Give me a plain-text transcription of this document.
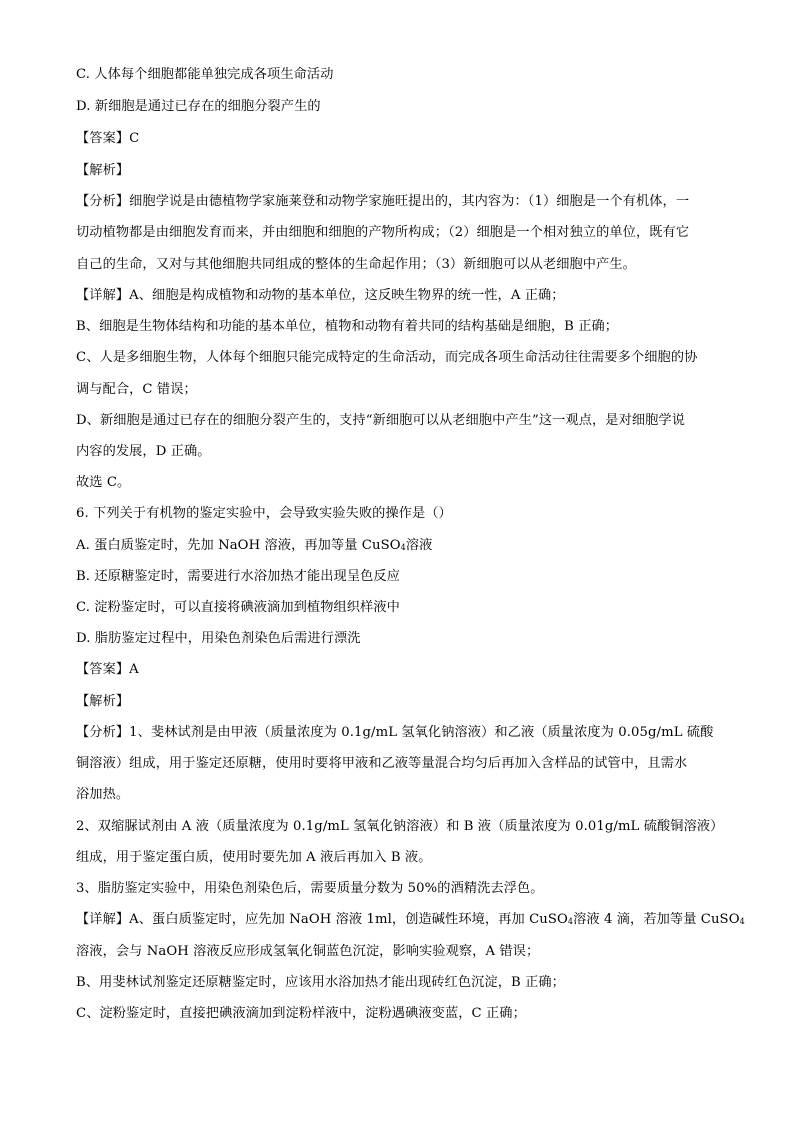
C. 人体每个细胞都能单独完成各项生命活动
D. 新细胞是通过已存在的细胞分裂产生的
【答案】C
【解析】
【分析】细胞学说是由德植物学家施莱登和动物学家施旺提出的，其内容为：（1）细胞是一个有机体，一
切动植物都是由细胞发育而来，并由细胞和细胞的产物所构成；（2）细胞是一个相对独立的单位，既有它
自己的生命，又对与其他细胞共同组成的整体的生命起作用；（3）新细胞可以从老细胞中产生。
【详解】A、细胞是构成植物和动物的基本单位，这反映生物界的统一性，A 正确；
B、细胞是生物体结构和功能的基本单位，植物和动物有着共同的结构基础是细胞，B 正确；
C、人是多细胞生物，人体每个细胞只能完成特定的生命活动，而完成各项生命活动往往需要多个细胞的协
调与配合，C 错误；
D、新细胞是通过已存在的细胞分裂产生的，支持“新细胞可以从老细胞中产生”这一观点，是对细胞学说
内容的发展，D 正确。
故选 C。
6. 下列关于有机物的鉴定实验中，会导致实验失败的操作是（）
A. 蛋白质鉴定时，先加 NaOH 溶液，再加等量 CuSO$_4$溶液
B. 还原糖鉴定时，需要进行水浴加热才能出现呈色反应
C. 淀粉鉴定时，可以直接将碘液滴加到植物组织样液中
D. 脂肪鉴定过程中，用染色剂染色后需进行漂洗
【答案】A
【解析】
【分析】1、斐林试剂是由甲液（质量浓度为 0.1g/mL 氢氧化钠溶液）和乙液（质量浓度为 0.05g/mL 硫酸
铜溶液）组成，用于鉴定还原糖，使用时要将甲液和乙液等量混合均匀后再加入含样品的试管中，且需水
浴加热。
2、双缩脲试剂由 A 液（质量浓度为 0.1g/mL 氢氧化钠溶液）和 B 液（质量浓度为 0.01g/mL 硫酸铜溶液）
组成，用于鉴定蛋白质，使用时要先加 A 液后再加入 B 液。
3、脂肪鉴定实验中，用染色剂染色后，需要质量分数为 50%的酒精洗去浮色。
【详解】A、蛋白质鉴定时，应先加 NaOH 溶液 1ml，创造碱性环境，再加 CuSO$_4$溶液 4 滴，若加等量 CuSO$_4$
溶液，会与 NaOH 溶液反应形成氢氧化铜蓝色沉淀，影响实验观察，A 错误；
B、用斐林试剂鉴定还原糖鉴定时，应该用水浴加热才能出现砖红色沉淀，B 正确；
C、淀粉鉴定时，直接把碘液滴加到淀粉样液中，淀粉遇碘液变蓝，C 正确；
